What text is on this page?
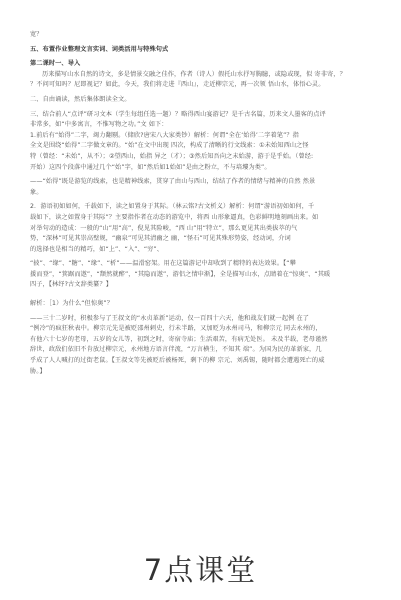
宽？
五、布置作业整理文言实词、词类活用与特殊句式
第二课时一、导入
历来描写山水自然的诗文，多是情景交融之佳作，作者（诗人）假托山水抒写胸臆，或隐或现，似 寄非寄，？
？不问可知吗？尼即视记？如此，今天，我们将走进『西山』，走近柳宗元，再一次领 悟山水，体悟心灵。
二、自由诵读，然后集体朗读全文。
三、结合前人“点评”研习文本（学生每组任选一题）？略得西山宴游记？是千古名篇，历来文人墨客的点评
非常多，如“中多寓言，不惟写物之功。”文 如下：
1.前后有“始得”二字，竭力翻剔。（储欣?唐宋八大家类钞）解析：何谓“全在‘始得’二字着笔”？指
全文是围绕“始得”二字做文章的。“始”在文中出现 四次，构成了清晰的行文线索：①未始知西山之怪
特（曾经：“未始”，从不）；②望西山，始指 异之（才）；③然后知吾向之未始游，游于是乎始。（曾经:
开始）这四个段落中通过几个“始”字，如“然后如1始如”是由之粉立，不与培塿为类”。
——“始得”既是游览的线索，也是精神线索，贯穿了由山与西山，结结了作者的情绪与精神的自然 然景
象。
2．游语初如如何，千载如下，读之如置身于其际。（林云铭?古文析义）解析：何谓“游语初如如何，千
载如下，读之如置身于其际”？主要指作者在动态的游览中，将西 山形象逼真，色彩鲜明地刻画出来。如
对举句动的造成：一般的“山”用“高”，倪见其险峻，“西 山”用“特立”，那么更见其出类拔萃的气
势，“深林”可见其崇高壁规，“幽泉”可见其清幽之 幽，“怪石”可见其殊形势姿，经动词，介词
的选择也是相当的精巧，如“上”、“入”、“穷”、
“披”、“缘”、“糖”、“缘”、“析”——温滑窑架。用在这篇游记中却收到了精特的表达效果。【“攀
援而登”，“箕踞而遨”，“颓然就醉”，“其隐而遨”，游侣之情申渐】，全是描写山水，点睛着在“惊奥”、“其暖
四子，【林纾?古文辞类纂？】
解析：［1）为什么“但惊奥”？
——三十二岁时，积极参与了王叔文的“永贞革新”运动，仅一百四十六天，他和战友们就一起例 在了
“例冷”的疯狂秋表中。柳宗元先是被贬邵州刺史，行未半路，又加贬为永州司马，和柳宗元 同去永州的，
有他六十七岁的老母，五岁的女儿等，初到之时，寄宿寺庙；生活艰苦，有病无处医。 未及半载，老母谨然
辞世，政敌们依旧不肯放过柳宗元，永州地方语言伴流，“万言横生，不知其 端”。为国为民的革新家，几
乎成了人人喊打的过街老鼠。【王叔文等先被贬后被杨死，剩下的柳 宗元、刘禹锡，随时都会遭遇死亡的威
胁。】
7点课堂
